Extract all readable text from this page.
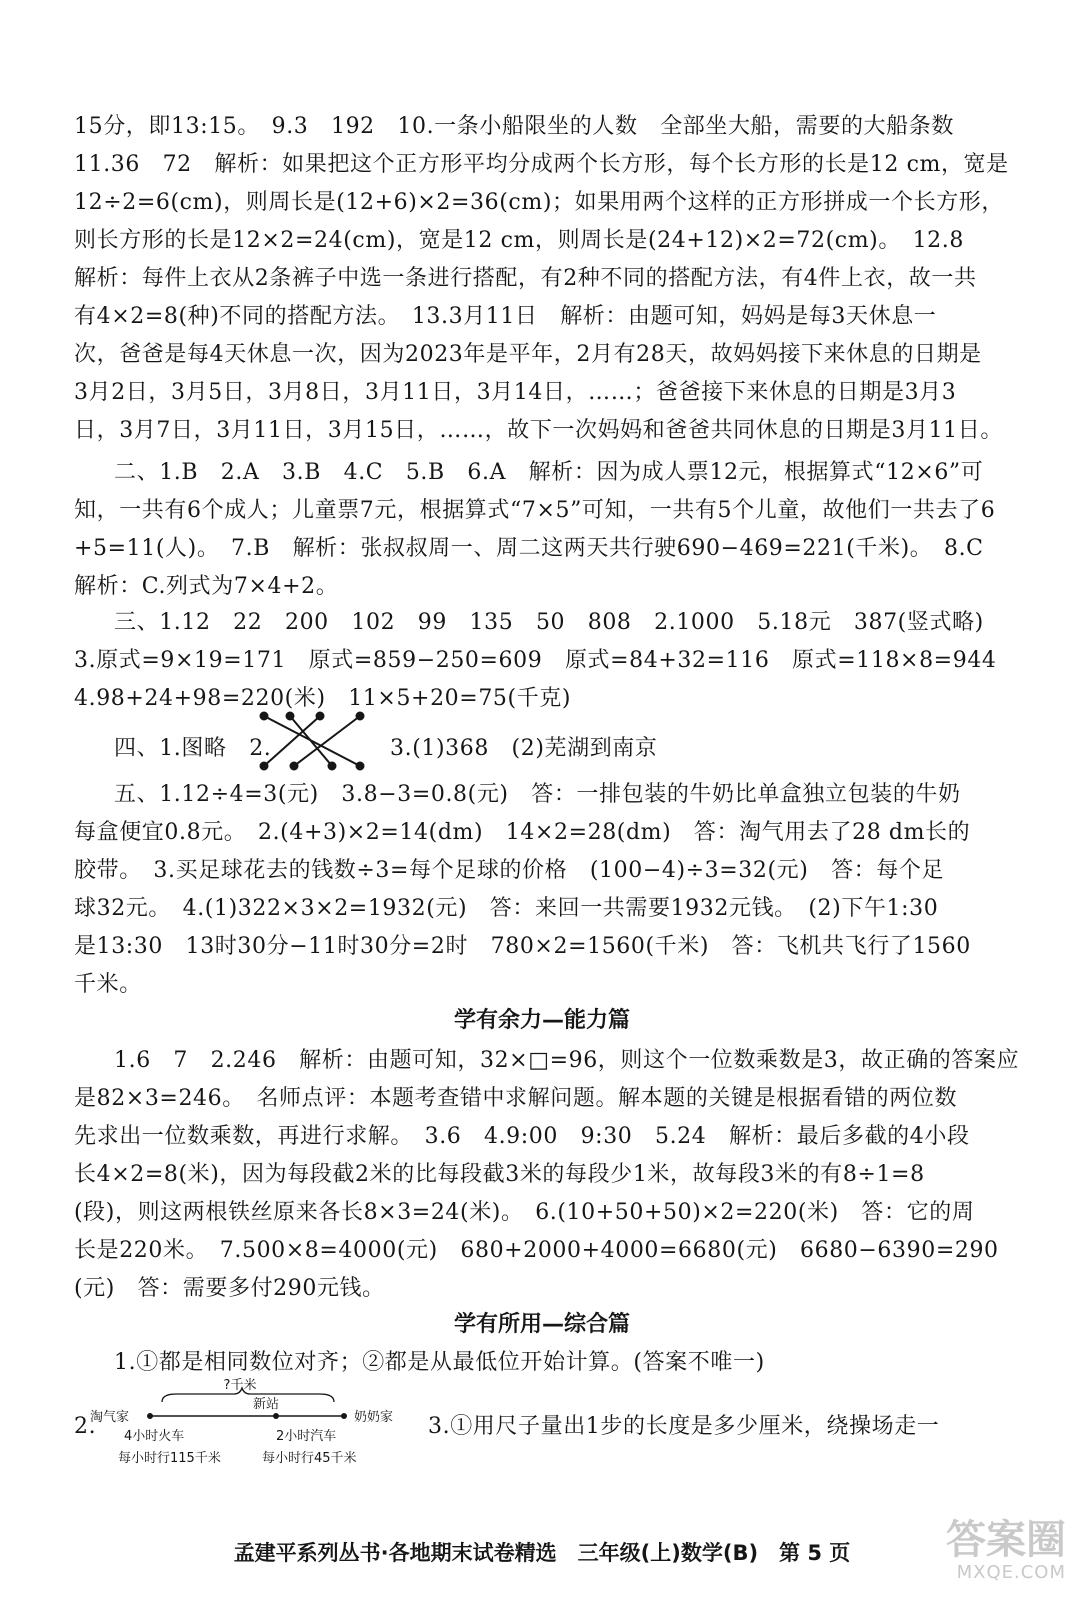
15分，即13:15。　9.3　192　10.一条小船限坐的人数　全部坐大船，需要的大船条数
11.36　72　解析：如果把这个正方形平均分成两个长方形，每个长方形的长是12 cm，宽是
12÷2=6(cm)，则周长是(12+6)×2=36(cm)；如果用两个这样的正方形拼成一个长方形，
则长方形的长是12×2=24(cm)，宽是12 cm，则周长是(24+12)×2=72(cm)。　12.8
解析：每件上衣从2条裤子中选一条进行搭配，有2种不同的搭配方法，有4件上衣，故一共
有4×2=8(种)不同的搭配方法。　13.3月11日　解析：由题可知，妈妈是每3天休息一
次，爸爸是每4天休息一次，因为2023年是平年，2月有28天，故妈妈接下来休息的日期是
3月2日，3月5日，3月8日，3月11日，3月14日，……；爸爸接下来休息的日期是3月3
日，3月7日，3月11日，3月15日，……，故下一次妈妈和爸爸共同休息的日期是3月11日。
二、1.B　2.A　3.B　4.C　5.B　6.A　解析：因为成人票12元，根据算式“12×6”可
知，一共有6个成人；儿童票7元，根据算式“7×5”可知，一共有5个儿童，故他们一共去了6
+5=11(人)。　7.B　解析：张叔叔周一、周二这两天共行驶690−469=221(千米)。　8.C
解析：C.列式为7×4+2。
三、1.12　22　200　102　99　135　50　808　2.1000　5.18元　387(竖式略)
3.原式=9×19=171　原式=859−250=609　原式=84+32=116　原式=118×8=944
4.98+24+98=220(米)　11×5+20=75(千克)
四、1.图略　2.	3.(1)368　(2)芜湖到南京
五、1.12÷4=3(元)　3.8−3=0.8(元)　答：一排包装的牛奶比单盒独立包装的牛奶
每盒便宜0.8元。　2.(4+3)×2=14(dm)　14×2=28(dm)　答：淘气用去了28 dm长的
胶带。　3.买足球花去的钱数÷3=每个足球的价格　(100−4)÷3=32(元)　答：每个足
球32元。　4.(1)322×3×2=1932(元)　答：来回一共需要1932元钱。　(2)下午1:30
是13:30　13时30分−11时30分=2时　780×2=1560(千米)　答：飞机共飞行了1560
千米。
学有余力—能力篇
1.6　7　2.246　解析：由题可知，32×□=96，则这个一位数乘数是3，故正确的答案应
是82×3=246。　名师点评：本题考查错中求解问题。解本题的关键是根据看错的两位数
先求出一位数乘数，再进行求解。　3.6　4.9:00　9:30　5.24　解析：最后多截的4小段
长4×2=8(米)，因为每段截2米的比每段截3米的每段少1米，故每段3米的有8÷1=8
(段)，则这两根铁丝原来各长8×3=24(米)。　6.(10+50+50)×2=220(米)　答：它的周
长是220米。　7.500×8=4000(元)　680+2000+4000=6680(元)　6680−6390=290
(元)　答：需要多付290元钱。
学有所用—综合篇
1.①都是相同数位对齐；②都是从最低位开始计算。(答案不唯一)
2.
?千米
淘气家
新站
奶奶家
4小时火车	2小时汽车
每小时行115千米	每小时行45千米
3.①用尺子量出1步的长度是多少厘米，绕操场走一
孟建平系列丛书·各地期末试卷精选　三年级(上)数学(B)　第 5 页	答案圈
MXQE.COM
